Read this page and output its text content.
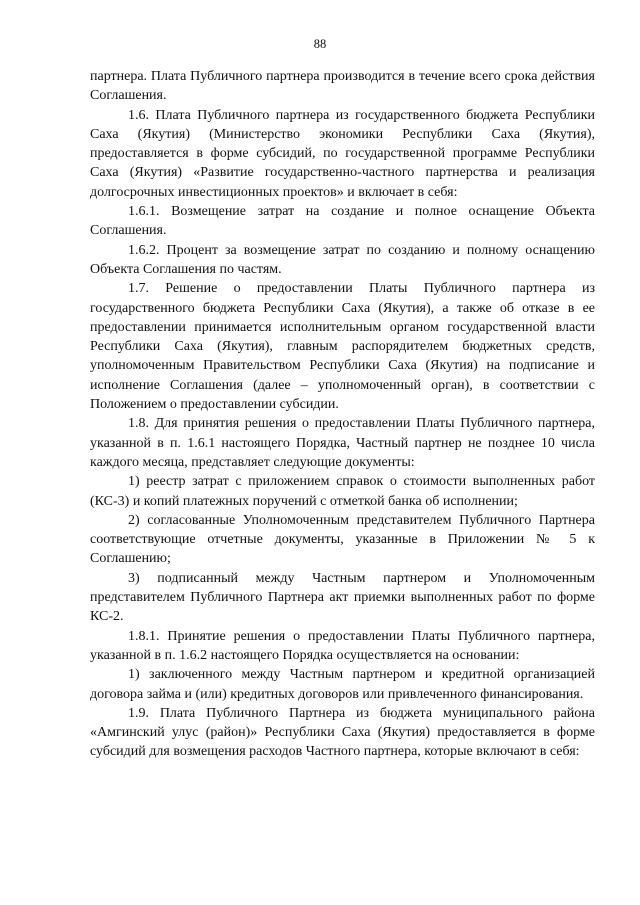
88

партнера. Плата Публичного партнера производится в течение всего срока действия Соглашения.

1.6. Плата Публичного партнера из государственного бюджета Республики Саха (Якутия) (Министерство экономики Республики Саха (Якутия), предоставляется в форме субсидий, по государственной программе Республики Саха (Якутия) «Развитие государственно-частного партнерства и реализация долгосрочных инвестиционных проектов» и включает в себя:

1.6.1. Возмещение затрат на создание и полное оснащение Объекта Соглашения.

1.6.2. Процент за возмещение затрат по созданию и полному оснащению Объекта Соглашения по частям.

1.7. Решение о предоставлении Платы Публичного партнера из государственного бюджета Республики Саха (Якутия), а также об отказе в ее предоставлении принимается исполнительным органом государственной власти Республики Саха (Якутия), главным распорядителем бюджетных средств, уполномоченным Правительством Республики Саха (Якутия) на подписание и исполнение Соглашения (далее – уполномоченный орган), в соответствии с Положением о предоставлении субсидии.

1.8. Для принятия решения о предоставлении Платы Публичного партнера, указанной в п. 1.6.1 настоящего Порядка, Частный партнер не позднее 10 числа каждого месяца, представляет следующие документы:

1) реестр затрат с приложением справок о стоимости выполненных работ (КС-3) и копий платежных поручений с отметкой банка об исполнении;

2) согласованные Уполномоченным представителем Публичного Партнера соответствующие отчетные документы, указанные в Приложении № 5 к Соглашению;

3) подписанный между Частным партнером и Уполномоченным представителем Публичного Партнера акт приемки выполненных работ по форме КС-2.

1.8.1. Принятие решения о предоставлении Платы Публичного партнера, указанной в п. 1.6.2 настоящего Порядка осуществляется на основании:

1) заключенного между Частным партнером и кредитной организацией договора займа и (или) кредитных договоров или привлеченного финансирования.

1.9. Плата Публичного Партнера из бюджета муниципального района «Амгинский улус (район)» Республики Саха (Якутия) предоставляется в форме субсидий для возмещения расходов Частного партнера, которые включают в себя:
